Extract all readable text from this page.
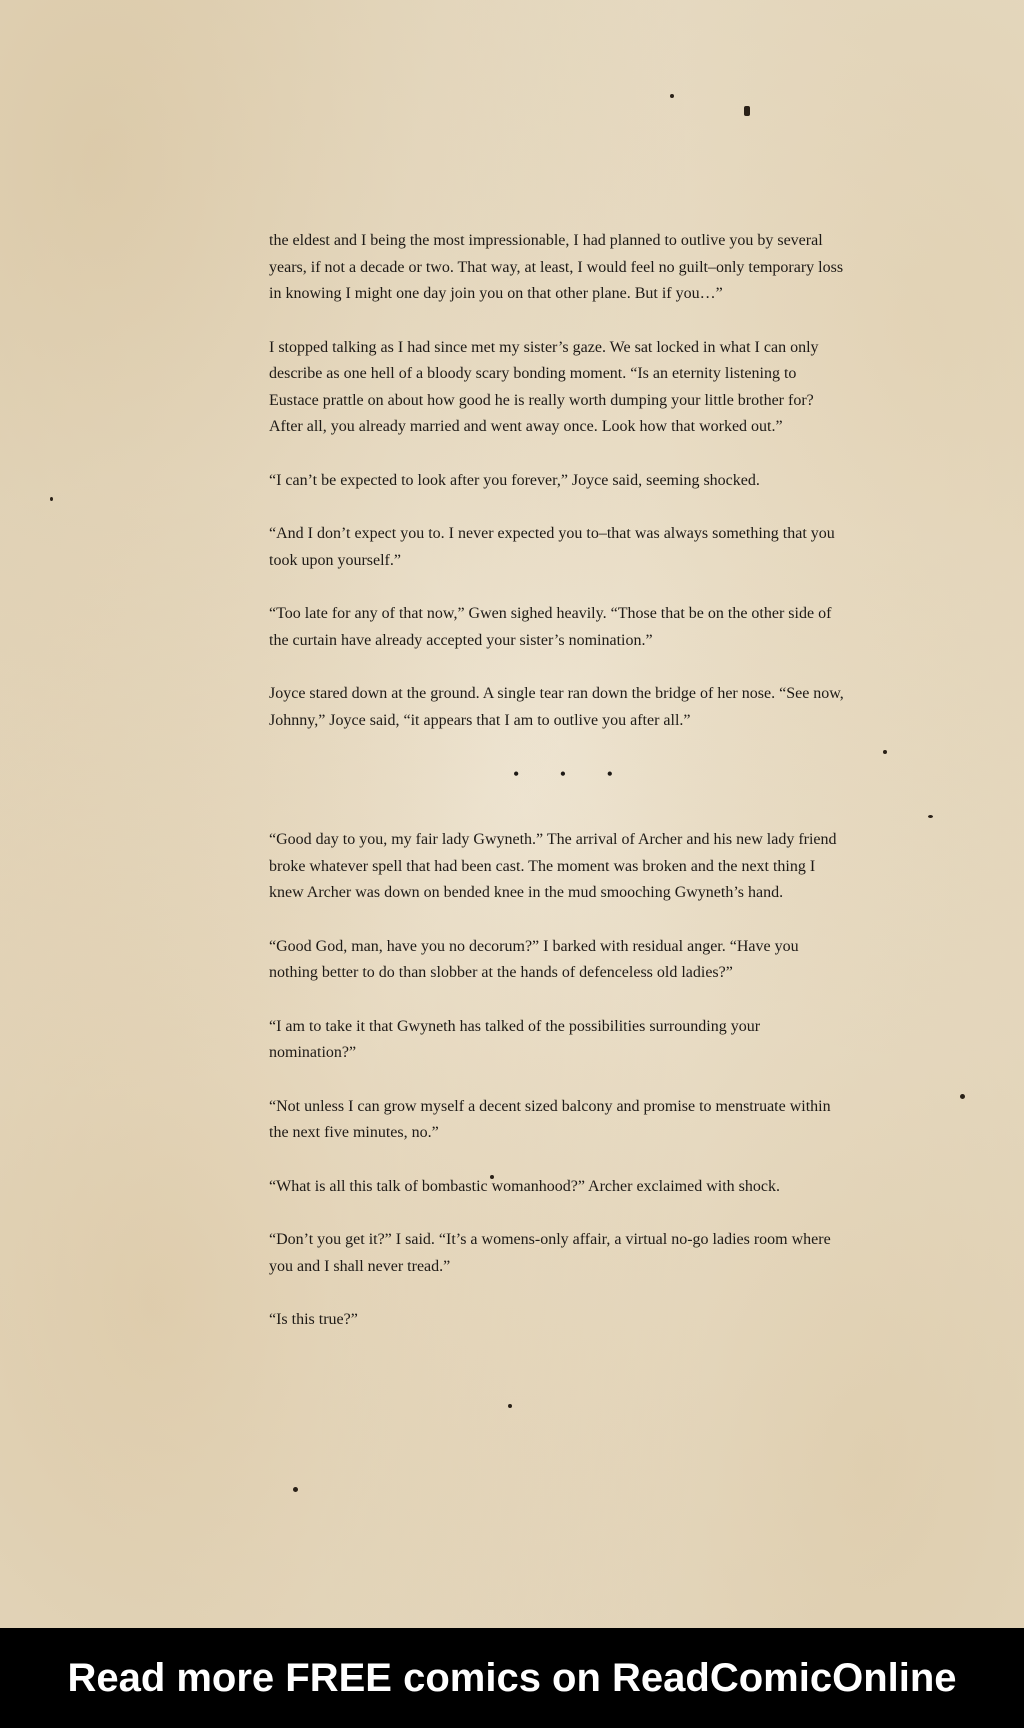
the eldest and I being the most impressionable, I had planned to outlive you by several years, if not a decade or two. That way, at least, I would feel no guilt–only temporary loss in knowing I might one day join you on that other plane. But if you…”

I stopped talking as I had since met my sister’s gaze. We sat locked in what I can only describe as one hell of a bloody scary bonding moment. “Is an eternity listening to Eustace prattle on about how good he is really worth dumping your little brother for? After all, you already married and went away once. Look how that worked out.”

“I can’t be expected to look after you forever,” Joyce said, seeming shocked.

“And I don’t expect you to. I never expected you to–that was always something that you took upon yourself.”

“Too late for any of that now,” Gwen sighed heavily. “Those that be on the other side of the curtain have already accepted your sister’s nomination.”

Joyce stared down at the ground. A single tear ran down the bridge of her nose. “See now, Johnny,” Joyce said, “it appears that I am to outlive you after all.”

• • •

“Good day to you, my fair lady Gwyneth.” The arrival of Archer and his new lady friend broke whatever spell that had been cast. The moment was broken and the next thing I knew Archer was down on bended knee in the mud smooching Gwyneth’s hand.

“Good God, man, have you no decorum?” I barked with residual anger. “Have you nothing better to do than slobber at the hands of defenceless old ladies?”

“I am to take it that Gwyneth has talked of the possibilities surrounding your nomination?”

“Not unless I can grow myself a decent sized balcony and promise to menstruate within the next five minutes, no.”

“What is all this talk of bombastic womanhood?” Archer exclaimed with shock.

“Don’t you get it?” I said. “It’s a womens-only affair, a virtual no-go ladies room where you and I shall never tread.”

“Is this true?”

Read more FREE comics on ReadComicOnline
